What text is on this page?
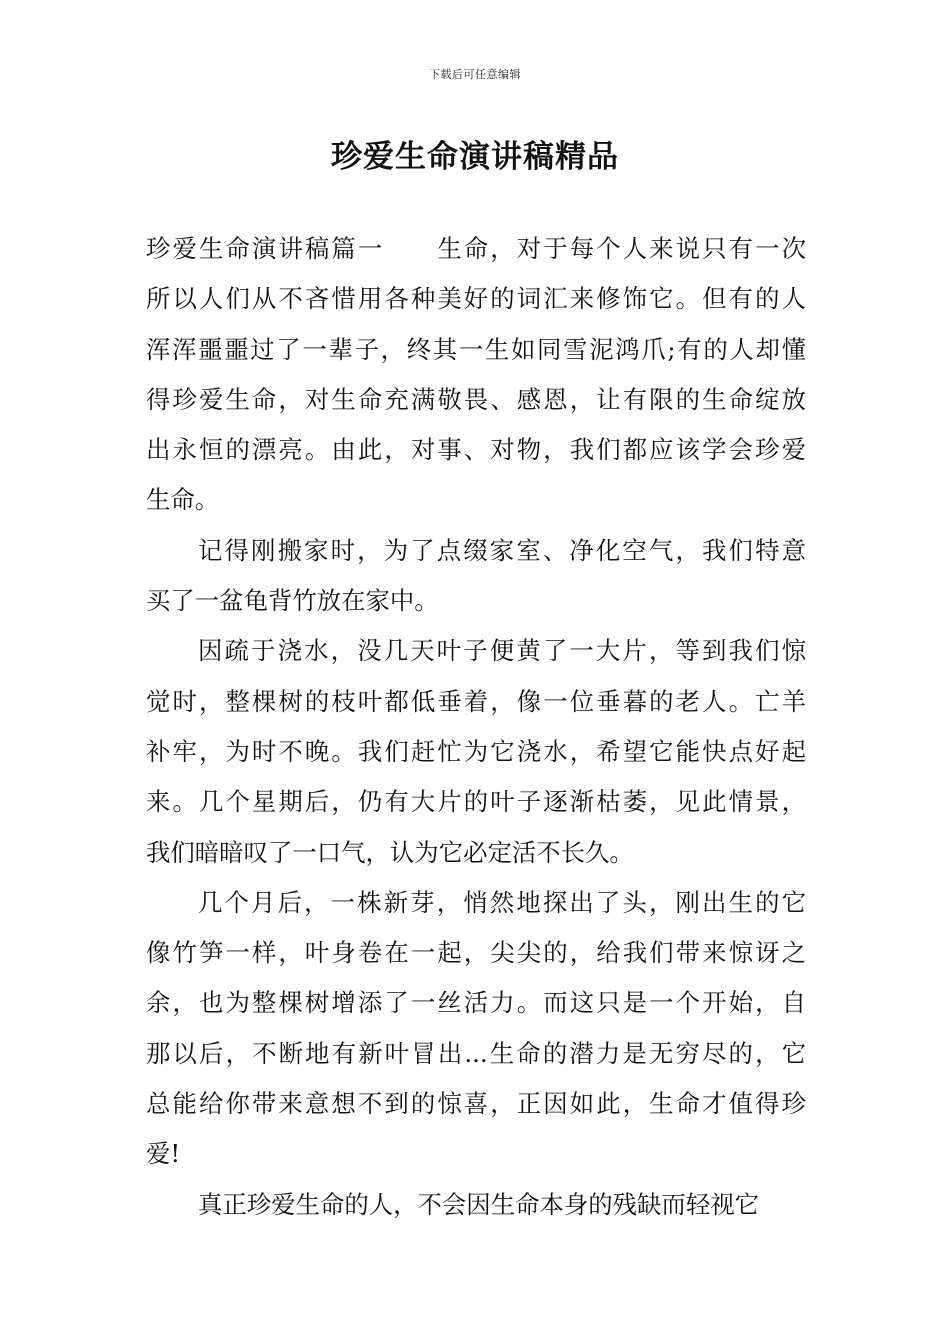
下载后可任意编辑
珍爱生命演讲稿精品
珍爱生命演讲稿篇一　　生命，对于每个人来说只有一次
所以人们从不吝惜用各种美好的词汇来修饰它。但有的人
浑浑噩噩过了一辈子，终其一生如同雪泥鸿爪;有的人却懂
得珍爱生命，对生命充满敬畏、感恩，让有限的生命绽放
出永恒的漂亮。由此，对事、对物，我们都应该学会珍爱
生命。
记得刚搬家时，为了点缀家室、净化空气，我们特意
买了一盆龟背竹放在家中。
因疏于浇水，没几天叶子便黄了一大片，等到我们惊
觉时，整棵树的枝叶都低垂着，像一位垂暮的老人。亡羊
补牢，为时不晚。我们赶忙为它浇水，希望它能快点好起
来。几个星期后，仍有大片的叶子逐渐枯萎，见此情景，
我们暗暗叹了一口气，认为它必定活不长久。
几个月后，一株新芽，悄然地探出了头，刚出生的它
像竹笋一样，叶身卷在一起，尖尖的，给我们带来惊讶之
余，也为整棵树增添了一丝活力。而这只是一个开始，自
那以后，不断地有新叶冒出...生命的潜力是无穷尽的，它
总能给你带来意想不到的惊喜，正因如此，生命才值得珍
爱!
真正珍爱生命的人，不会因生命本身的残缺而轻视它
